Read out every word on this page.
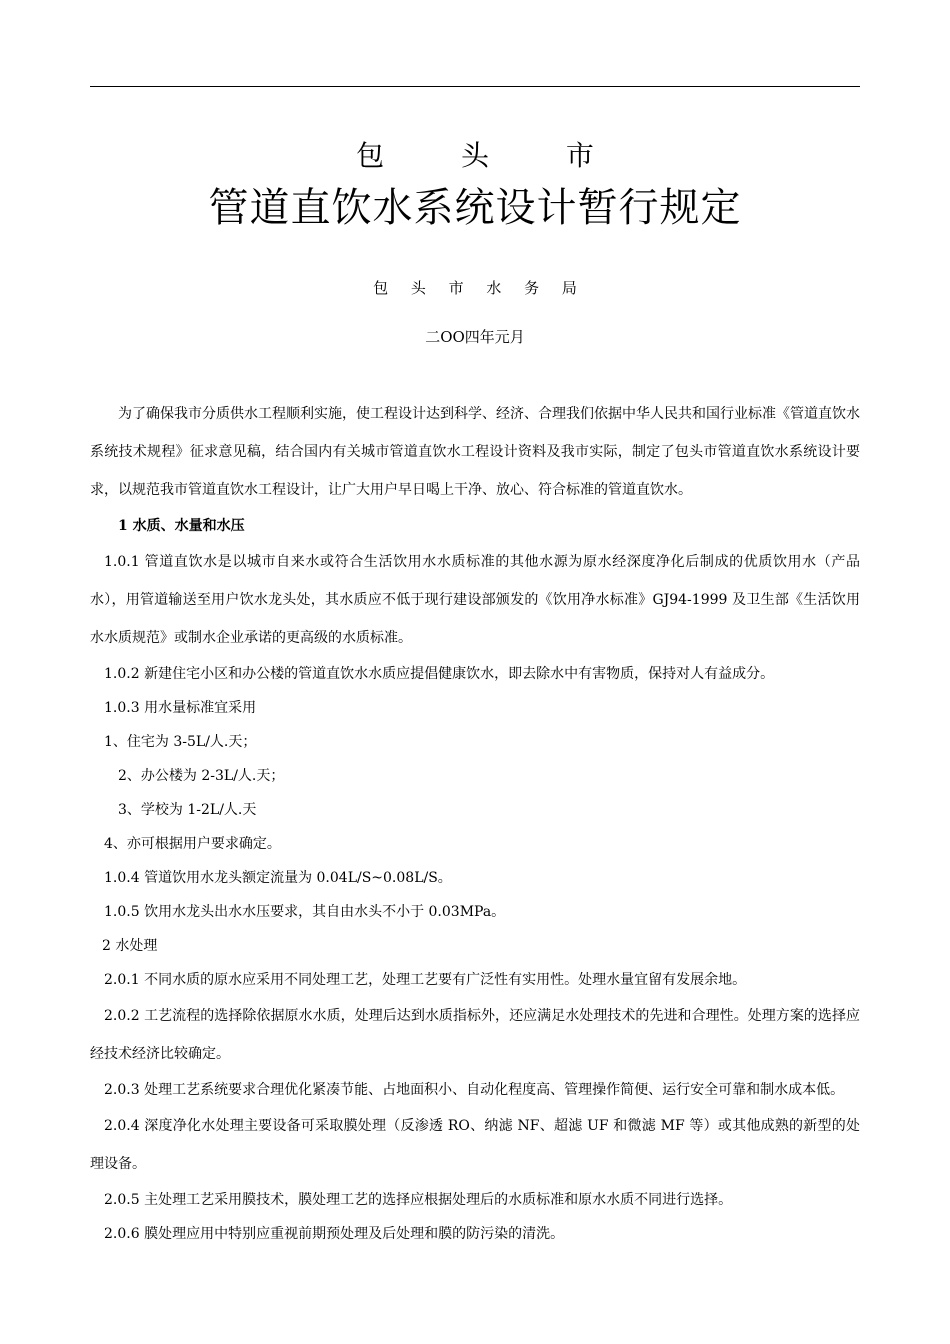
包 头 市
管道直饮水系统设计暂行规定
包 头 市 水 务 局
二OO四年元月

为了确保我市分质供水工程顺利实施，使工程设计达到科学、经济、合理我们依据中华人民共和国行业标准《管道直饮水系统技术规程》征求意见稿，结合国内有关城市管道直饮水工程设计资料及我市实际，制定了包头市管道直饮水系统设计要求，以规范我市管道直饮水工程设计，让广大用户早日喝上干净、放心、符合标准的管道直饮水。

1 水质、水量和水压

1.0.1 管道直饮水是以城市自来水或符合生活饮用水水质标准的其他水源为原水经深度净化后制成的优质饮用水（产品水），用管道输送至用户饮水龙头处，其水质应不低于现行建设部颁发的《饮用净水标准》GJ94-1999 及卫生部《生活饮用水水质规范》或制水企业承诺的更高级的水质标准。

1.0.2 新建住宅小区和办公楼的管道直饮水水质应提倡健康饮水，即去除水中有害物质，保持对人有益成分。

1.0.3 用水量标准宜采用

1、住宅为 3-5L/人.天；

2、办公楼为 2-3L/人.天；

3、学校为 1-2L/人.天

4、亦可根据用户要求确定。

1.0.4 管道饮用水龙头额定流量为 0.04L/S~0.08L/S。

1.0.5 饮用水龙头出水水压要求，其自由水头不小于 0.03MPa。

2 水处理

2.0.1 不同水质的原水应采用不同处理工艺，处理工艺要有广泛性有实用性。处理水量宜留有发展余地。

2.0.2 工艺流程的选择除依据原水水质，处理后达到水质指标外，还应满足水处理技术的先进和合理性。处理方案的选择应经技术经济比较确定。

2.0.3 处理工艺系统要求合理优化紧凑节能、占地面积小、自动化程度高、管理操作简便、运行安全可靠和制水成本低。

2.0.4 深度净化水处理主要设备可采取膜处理（反渗透 RO、纳滤 NF、超滤 UF 和微滤 MF 等）或其他成熟的新型的处理设备。

2.0.5 主处理工艺采用膜技术，膜处理工艺的选择应根据处理后的水质标准和原水水质不同进行选择。

2.0.6 膜处理应用中特别应重视前期预处理及后处理和膜的防污染的清洗。
